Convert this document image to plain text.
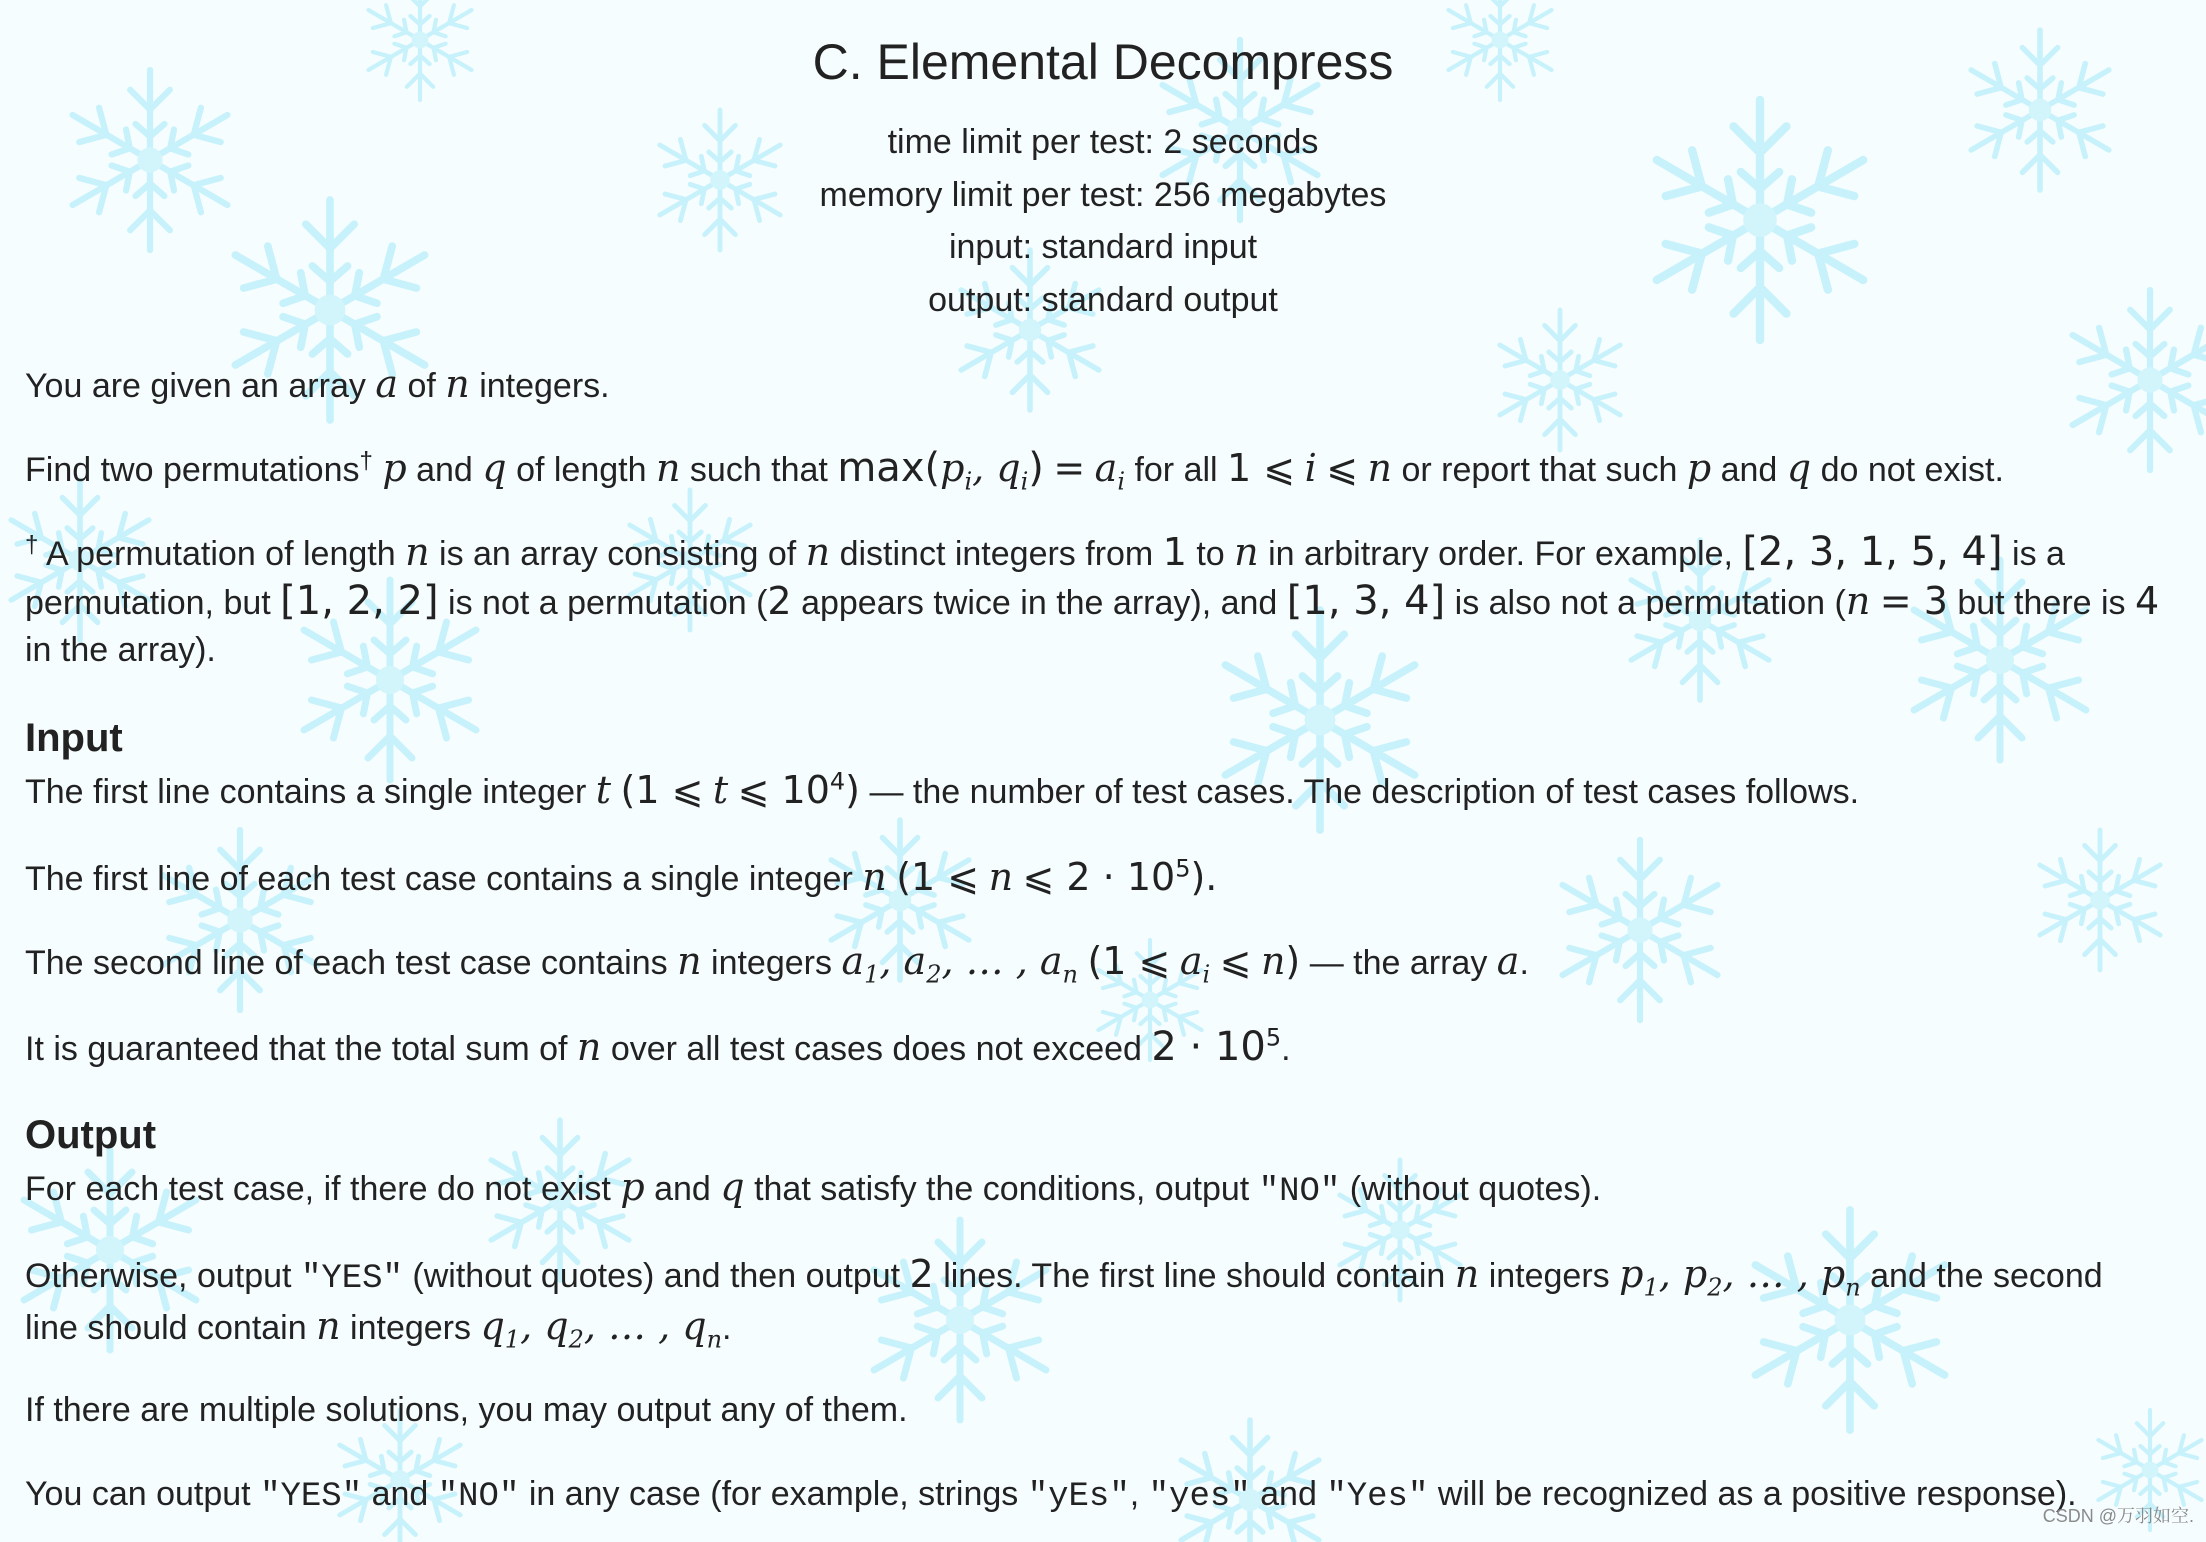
C. Elemental Decompress
time limit per test: 2 seconds
memory limit per test: 256 megabytes
input: standard input
output: standard output
You are given an array a of n integers.
Find two permutations† p and q of length n such that $\max(p_i$, $q_i) = a_i$ for all 1 ⩽ i ⩽ n or report that such p and q do not exist.
† A permutation of length n is an array consisting of n distinct integers from 1 to n in arbitrary order. For example, [2, 3, 1, 5, 4] is a
permutation, but [1, 2, 2] is not a permutation (2 appears twice in the array), and [1, 3, 4] is also not a permutation (n = 3 but there is 4
in the array).
Input
The first line contains a single integer t (1 ⩽ t ⩽ $10^4$) — the number of test cases. The description of test cases follows.
The first line of each test case contains a single integer n (1 ⩽ n ⩽ $2 \cdot 10^5$).
The second line of each test case contains n integers $a_1$, $a_2$, … , $a_n$ (1 ⩽ $a_i$ ⩽ n) — the array a.
It is guaranteed that the total sum of n over all test cases does not exceed $2 \cdot 10^5$.
Output
For each test case, if there do not exist p and q that satisfy the conditions, output "NO" (without quotes).
Otherwise, output "YES" (without quotes) and then output 2 lines. The first line should contain n integers $p_1$, $p_2$, … , $p_n$ and the second
line should contain n integers $q_1$, $q_2$, … , $q_n$.
If there are multiple solutions, you may output any of them.
You can output "YES" and "NO" in any case (for example, strings "yEs", "yes" and "Yes" will be recognized as a positive response).
CSDN @万羽如空.
